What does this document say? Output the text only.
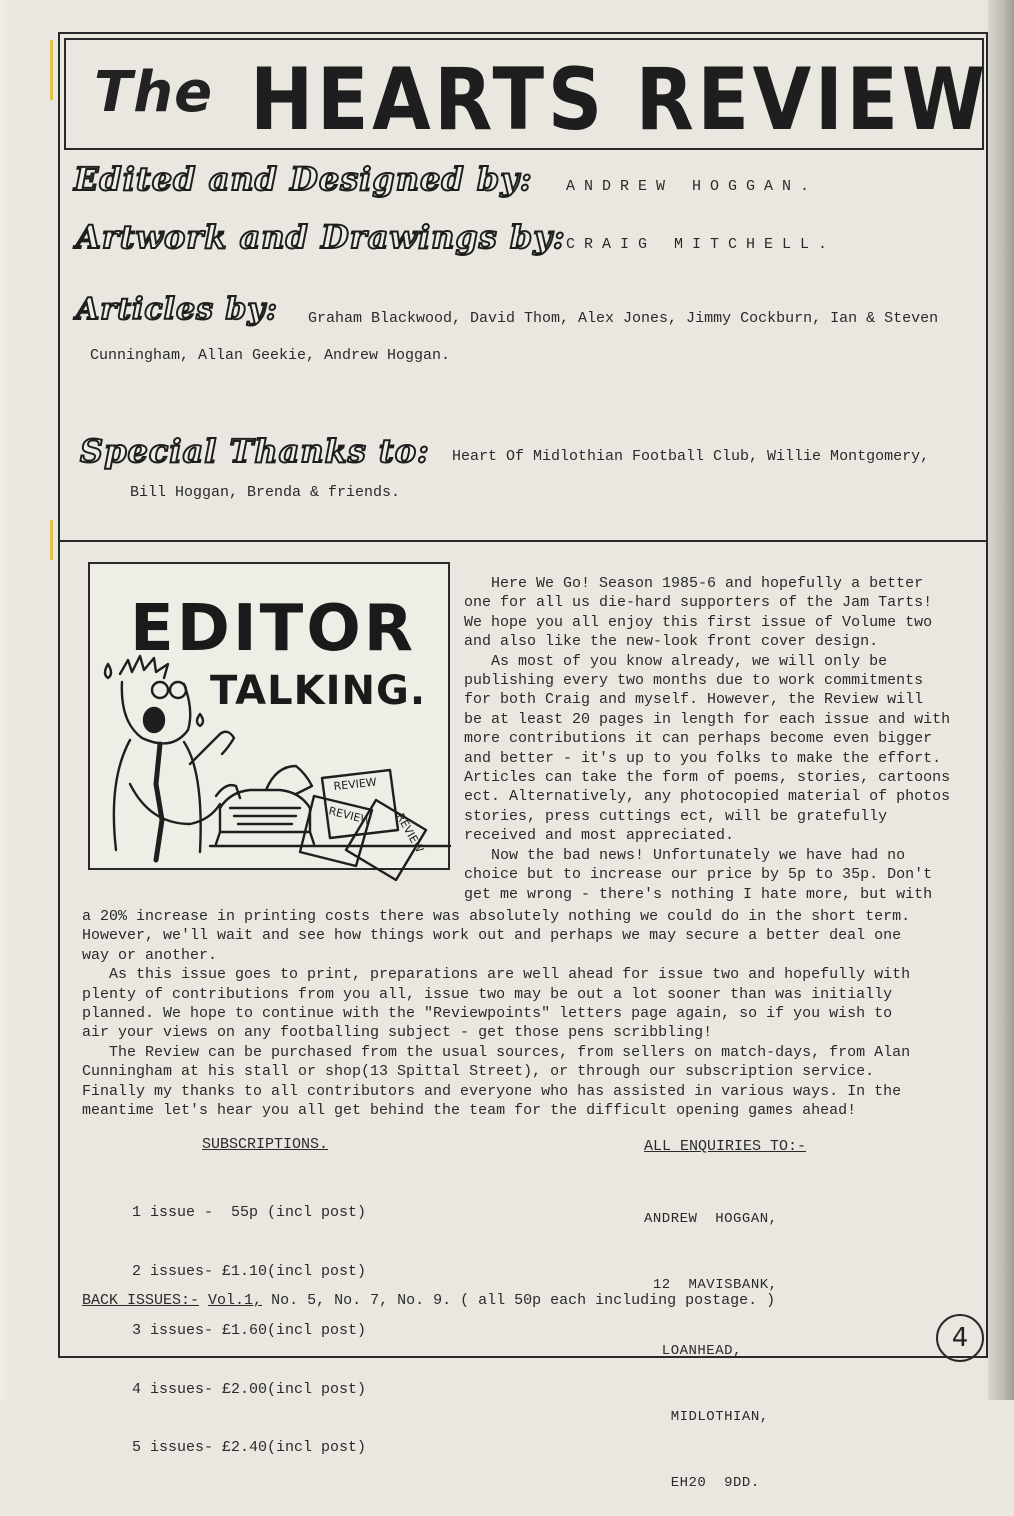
The HEARTS REVIEW
Edited and Designed by: ANDREW HOGGAN.
Artwork and Drawings by: CRAIG MITCHELL.
Articles by: Graham Blackwood, David Thom, Alex Jones, Jimmy Cockburn, Ian & Steven
Cunningham, Allan Geekie, Andrew Hoggan.
Special Thanks to: Heart Of Midlothian Football Club, Willie Montgomery,
Bill Hoggan, Brenda & friends.
EDITOR
TALKING.
REVIEW
REVIEW REVIEW
Here We Go! Season 1985-6 and hopefully a better
one for all us die-hard supporters of the Jam Tarts!
We hope you all enjoy this first issue of Volume two
and also like the new-look front cover design.
As most of you know already, we will only be
publishing every two months due to work commitments
for both Craig and myself. However, the Review will
be at least 20 pages in length for each issue and with
more contributions it can perhaps become even bigger
and better - it's up to you folks to make the effort.
Articles can take the form of poems, stories, cartoons
ect. Alternatively, any photocopied material of photos
stories, press cuttings ect, will be gratefully
received and most appreciated.
Now the bad news! Unfortunately we have had no
choice but to increase our price by 5p to 35p. Don't
get me wrong - there's nothing I hate more, but with
a 20% increase in printing costs there was absolutely nothing we could do in the short term.
However, we'll wait and see how things work out and perhaps we may secure a better deal one
way or another.
As this issue goes to print, preparations are well ahead for issue two and hopefully with
plenty of contributions from you all, issue two may be out a lot sooner than was initially
planned. We hope to continue with the "Reviewpoints" letters page again, so if you wish to
air your views on any footballing subject - get those pens scribbling!
The Review can be purchased from the usual sources, from sellers on match-days, from Alan
Cunningham at his stall or shop(13 Spittal Street), or through our subscription service.
Finally my thanks to all contributors and everyone who has assisted in various ways. In the
meantime let's hear you all get behind the team for the difficult opening games ahead!
SUBSCRIPTIONS.

1 issue -  55p (incl post)

2 issues- £1.10(incl post)

3 issues- £1.60(incl post)

4 issues- £2.00(incl post)

5 issues- £2.40(incl post)

ALL ENQUIRIES TO:-

ANDREW  HOGGAN,

12  MAVISBANK,

LOANHEAD,

MIDLOTHIAN,

EH20  9DD.

BACK ISSUES:- Vol.1, No. 5, No. 7, No. 9. ( all 50p each including postage. )
4
